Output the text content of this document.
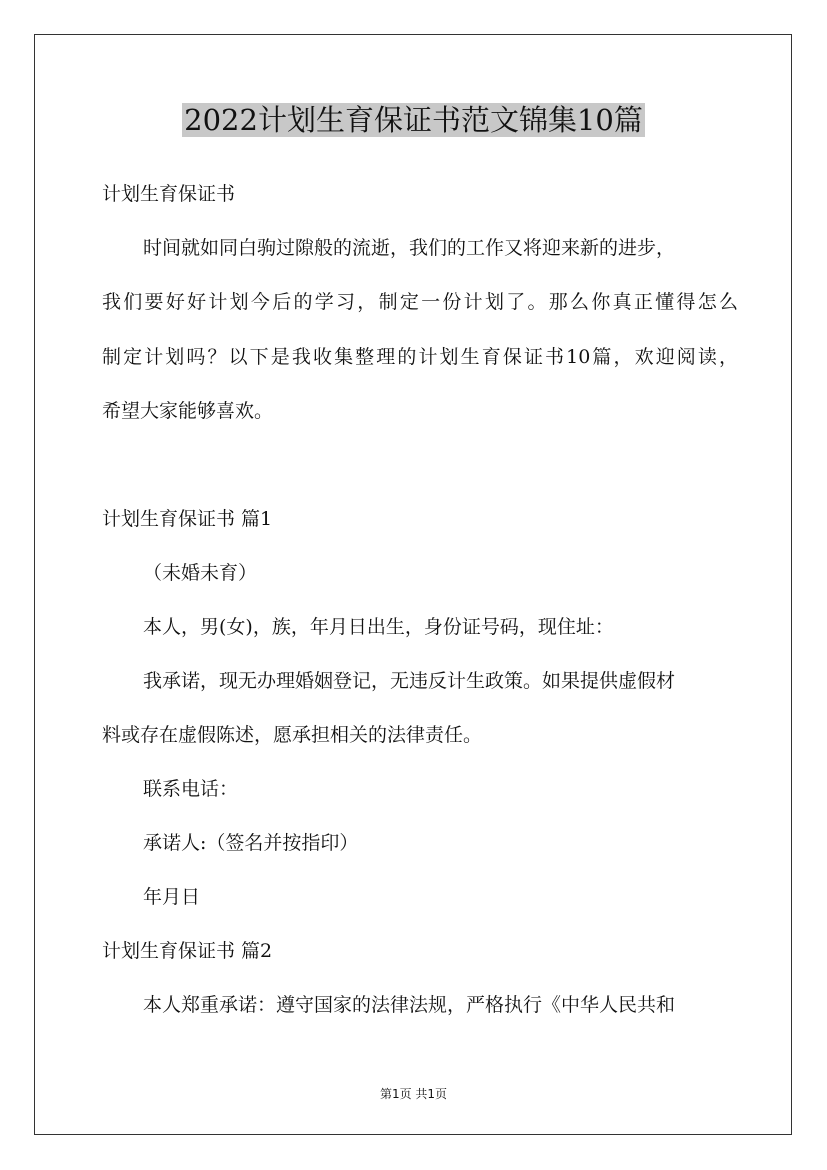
2022计划生育保证书范文锦集10篇
计划生育保证书
时间就如同白驹过隙般的流逝，我们的工作又将迎来新的进步，
我们要好好计划今后的学习，制定一份计划了。那么你真正懂得怎么
制定计划吗？以下是我收集整理的计划生育保证书10篇，欢迎阅读，
希望大家能够喜欢。
计划生育保证书 篇1
（未婚未育）
本人，男(女)，族，年月日出生，身份证号码，现住址：
我承诺，现无办理婚姻登记，无违反计生政策。如果提供虚假材
料或存在虚假陈述，愿承担相关的法律责任。
联系电话：
承诺人:（签名并按指印）
年月日
计划生育保证书 篇2
本人郑重承诺：遵守国家的法律法规，严格执行《中华人民共和
第1页 共1页
